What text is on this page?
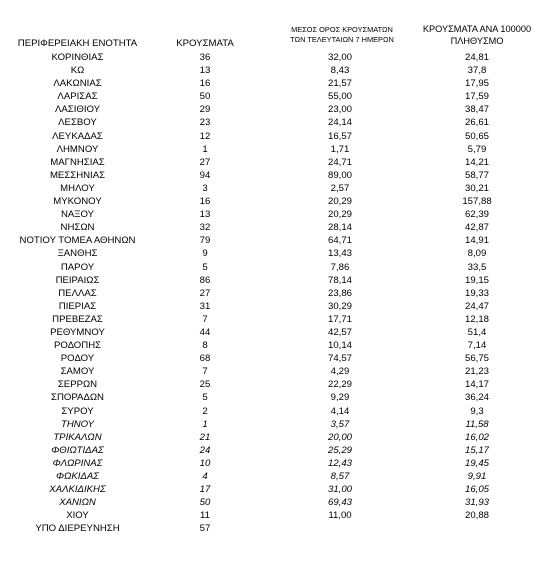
ΠΕΡΙΦΕΡΕΙΑΚΗ ΕΝΟΤΗΤΑ	ΚΡΟΥΣΜΑΤΑ
ΜΕΣΟΣ ΟΡΟΣ ΚΡΟΥΣΜΑΤΩΝ
ΤΩΝ ΤΕΛΕΥΤΑΙΩΝ 7 ΗΜΕΡΩΝ
ΚΡΟΥΣΜΑΤΑ ΑΝΑ 100000
ΠΛΗΘΥΣΜΟ
ΚΟΡΙΝΘΙΑΣ	36	32,00	24,81
ΚΩ	13	8,43	37,8
ΛΑΚΩΝΙΑΣ	16	21,57	17,95
ΛΑΡΙΣΑΣ	50	55,00	17,59
ΛΑΣΙΘΙΟΥ	29	23,00	38,47
ΛΕΣΒΟΥ	23	24,14	26,61
ΛΕΥΚΑΔΑΣ	12	16,57	50,65
ΛΗΜΝΟΥ	1	1,71	5,79
ΜΑΓΝΗΣΙΑΣ	27	24,71	14,21
ΜΕΣΣΗΝΙΑΣ	94	89,00	58,77
ΜΗΛΟΥ	3	2,57	30,21
ΜΥΚΟΝΟΥ	16	20,29	157,88
ΝΑΞΟΥ	13	20,29	62,39
ΝΗΣΩΝ	32	28,14	42,87
ΝΟΤΙΟΥ ΤΟΜΕΑ ΑΘΗΝΩΝ	79	64,71	14,91
ΞΑΝΘΗΣ	9	13,43	8,09
ΠΑΡΟΥ	5	7,86	33,5
ΠΕΙΡΑΙΩΣ	86	78,14	19,15
ΠΕΛΛΑΣ	27	23,86	19,33
ΠΙΕΡΙΑΣ	31	30,29	24,47
ΠΡΕΒΕΖΑΣ	7	17,71	12,18
ΡΕΘΥΜΝΟΥ	44	42,57	51,4
ΡΟΔΟΠΗΣ	8	10,14	7,14
ΡΟΔΟΥ	68	74,57	56,75
ΣΑΜΟΥ	7	4,29	21,23
ΣΕΡΡΩΝ	25	22,29	14,17
ΣΠΟΡΑΔΩΝ	5	9,29	36,24
ΣΥΡΟΥ	2	4,14	9,3
ΤΗΝΟΥ	1	3,57	11,58
ΤΡΙΚΑΛΩΝ	21	20,00	16,02
ΦΘΙΩΤΙΔΑΣ	24	25,29	15,17
ΦΛΩΡΙΝΑΣ	10	12,43	19,45
ΦΩΚΙΔΑΣ	4	8,57	9,91
ΧΑΛΚΙΔΙΚΗΣ	17	31,00	16,05
ΧΑΝΙΩΝ	50	69,43	31,93
ΧΙΟΥ	11	11,00	20,88
ΥΠΟ ΔΙΕΡΕΥΝΗΣΗ	57
